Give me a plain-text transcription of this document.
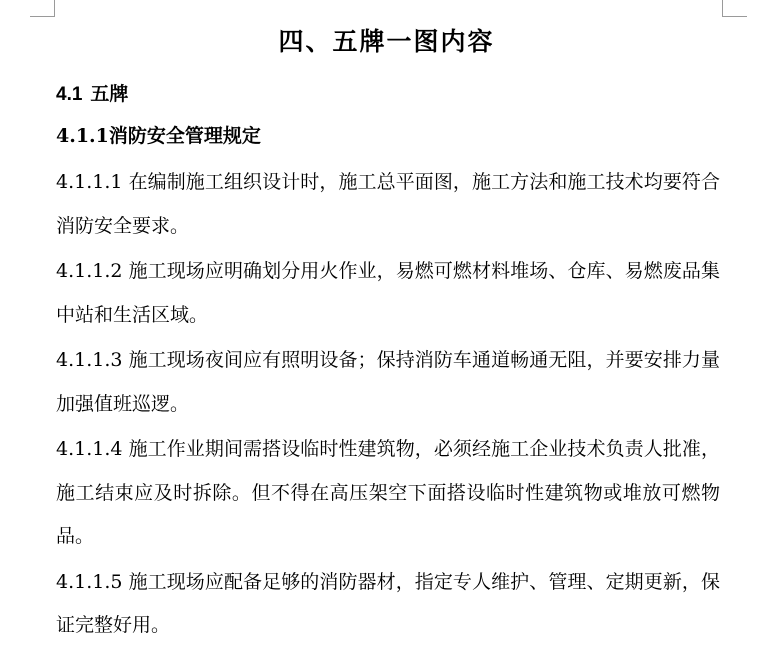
四、五牌一图内容
4.1 五牌
4.1.1消防安全管理规定

4.1.1.1 在编制施工组织设计时，施工总平面图，施工方法和施工技术均要符合消防安全要求。

4.1.1.2 施工现场应明确划分用火作业，易燃可燃材料堆场、仓库、易燃废品集中站和生活区域。

4.1.1.3 施工现场夜间应有照明设备；保持消防车通道畅通无阻，并要安排力量加强值班巡逻。

4.1.1.4 施工作业期间需搭设临时性建筑物，必须经施工企业技术负责人批准，施工结束应及时拆除。但不得在高压架空下面搭设临时性建筑物或堆放可燃物品。

4.1.1.5 施工现场应配备足够的消防器材，指定专人维护、管理、定期更新，保证完整好用。
